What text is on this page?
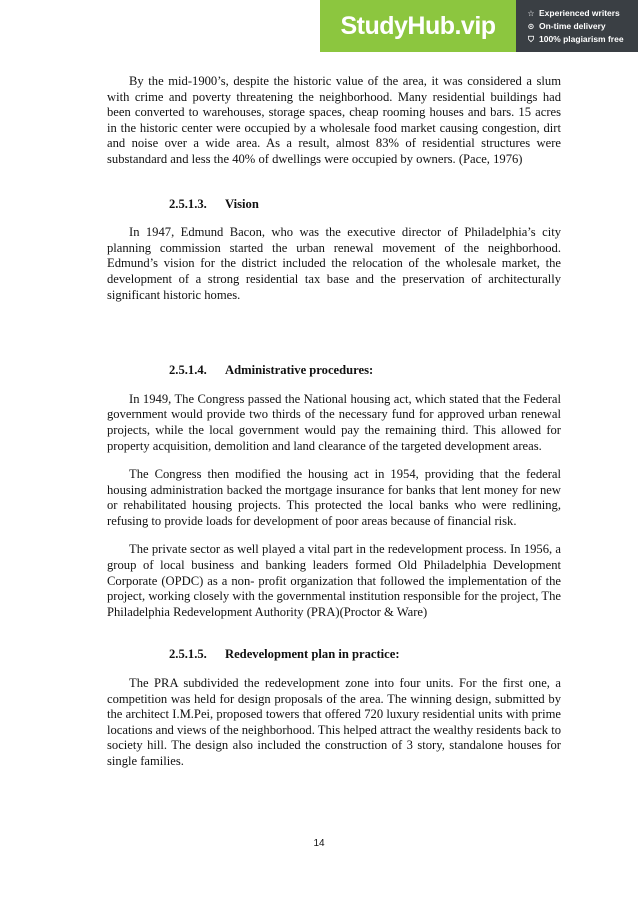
StudyHub.vip	☆ Experienced writers
⊙ On-time delivery
⛉ 100% plagiarism free

By the mid-1900’s, despite the historic value of the area, it was considered a slum with crime and poverty threatening the neighborhood. Many residential buildings had been converted to warehouses, storage spaces, cheap rooming houses and bars. 15 acres in the historic center were occupied by a wholesale food market causing congestion, dirt and noise over a wide area. As a result, almost 83% of residential structures were substandard and less the 40% of dwellings were occupied by owners. (Pace, 1976)

2.5.1.3.	Vision

In 1947, Edmund Bacon, who was the executive director of Philadelphia’s city planning commission started the urban renewal movement of the neighborhood. Edmund’s vision for the district included the relocation of the wholesale market, the development of a strong residential tax base and the preservation of architecturally significant historic homes.

2.5.1.4.	Administrative procedures:

In 1949, The Congress passed the National housing act, which stated that the Federal government would provide two thirds of the necessary fund for approved urban renewal projects, while the local government would pay the remaining third. This allowed for property acquisition, demolition and land clearance of the targeted development areas.

The Congress then modified the housing act in 1954, providing that the federal housing administration backed the mortgage insurance for banks that lent money for new or rehabilitated housing projects. This protected the local banks who were redlining, refusing to provide loads for development of poor areas because of financial risk.

The private sector as well played a vital part in the redevelopment process. In 1956, a group of local business and banking leaders formed Old Philadelphia Development Corporate (OPDC) as a non- profit organization that followed the implementation of the project, working closely with the governmental institution responsible for the project, The Philadelphia Redevelopment Authority (PRA)(Proctor & Ware)

2.5.1.5.	Redevelopment plan in practice:

The PRA subdivided the redevelopment zone into four units. For the first one, a competition was held for design proposals of the area. The winning design, submitted by the architect I.M.Pei, proposed towers that offered 720 luxury residential units with prime locations and views of the neighborhood. This helped attract the wealthy residents back to society hill. The design also included the construction of 3 story, standalone houses for single families.

14
